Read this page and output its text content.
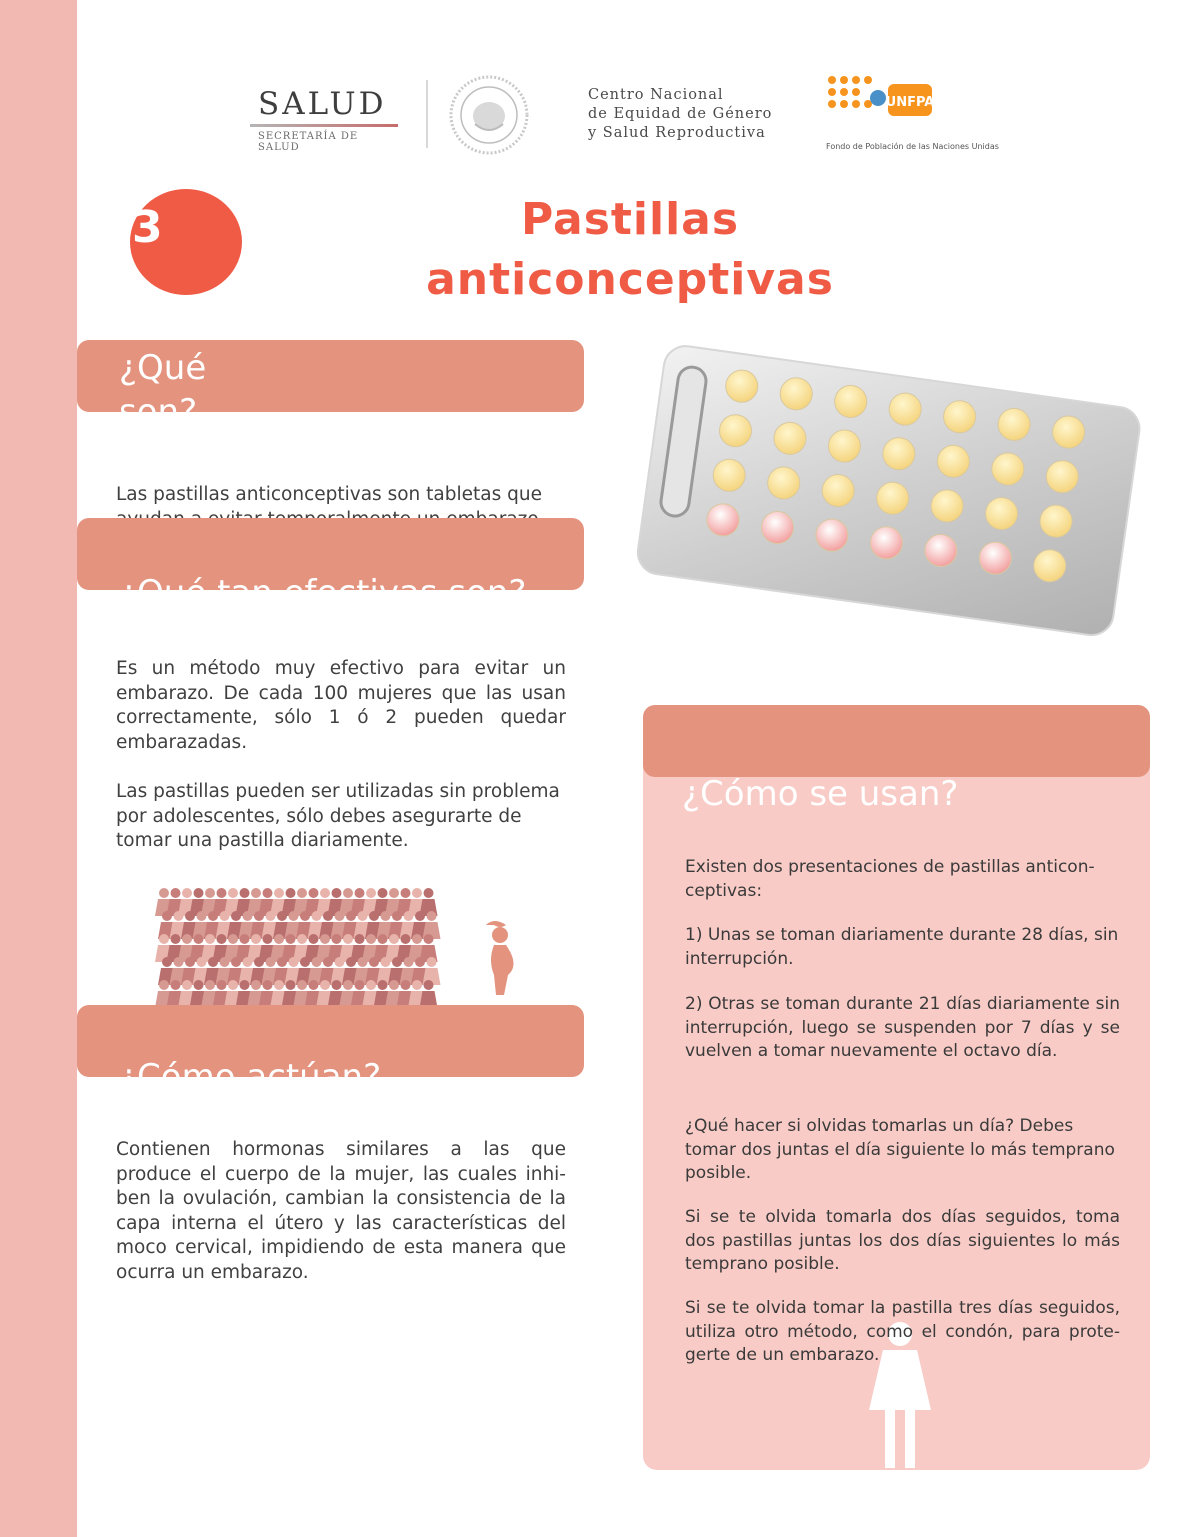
SALUD
SECRETARÍA DE SALUD
Centro Nacional
de Equidad de Género
y Salud Reproductiva
UNFPA
Fondo de Población de las Naciones Unidas
3	Pastillas
anticonceptivas
¿Qué son?
Las pastillas anticonceptivas son tabletas que
¿Qué tan efectivas son?
Es un método muy efectivo para evitar un embarazo. De cada 100 mujeres que las usan correctamente, sólo 1 ó 2 pueden quedar embarazadas.
Las pastillas pueden ser utilizadas sin problema por adolescentes, sólo debes asegurarte de tomar una pastilla diariamente.
¿Cómo actúan?
Contienen hormonas similares a las que produce el cuerpo de la mujer, las cuales inhi- ben la ovulación, cambian la consistencia de la capa interna el útero y las características del moco cervical, impidiendo de esta manera que ocurra un embarazo.
¿Cómo se usan?
Existen dos presentaciones de pastillas anticon- ceptivas:
1) Unas se toman diariamente durante 28 días, sin interrupción.
2) Otras se toman durante 21 días diariamente sin interrupción, luego se suspenden por 7 días y se vuelven a tomar nuevamente el octavo día.
¿Qué hacer si olvidas tomarlas un día? Debes tomar dos juntas el día siguiente lo más temprano posible.
Si se te olvida tomarla dos días seguidos, toma dos pastillas juntas los dos días siguientes lo más temprano posible.
Si se te olvida tomar la pastilla tres días seguidos, utiliza otro método, como el condón, para prote- gerte de un embarazo.
